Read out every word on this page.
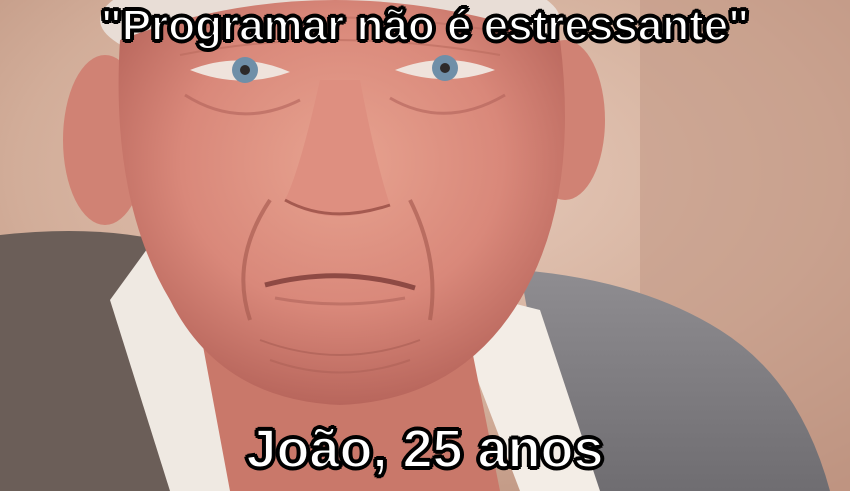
"Programar não é estressante"
João, 25 anos
